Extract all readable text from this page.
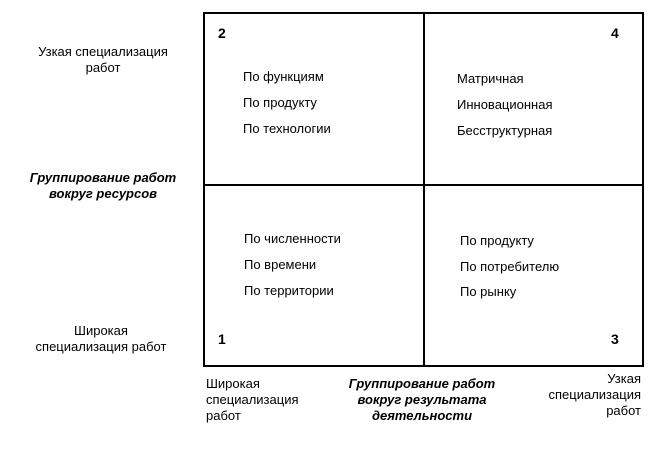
2	4
1	3
По функциям
По продукту
По технологии
Матричная
Инновационная
Бесструктурная
По численности
По времени
По территории
По продукту
По потребителю
По рынку
Узкая специализация
работ
Группирование работ
вокруг ресурсов
Широкая
специализация работ
Широкая
специализация
работ
Группирование работ
вокруг результата
деятельности
Узкая
специализация
работ
